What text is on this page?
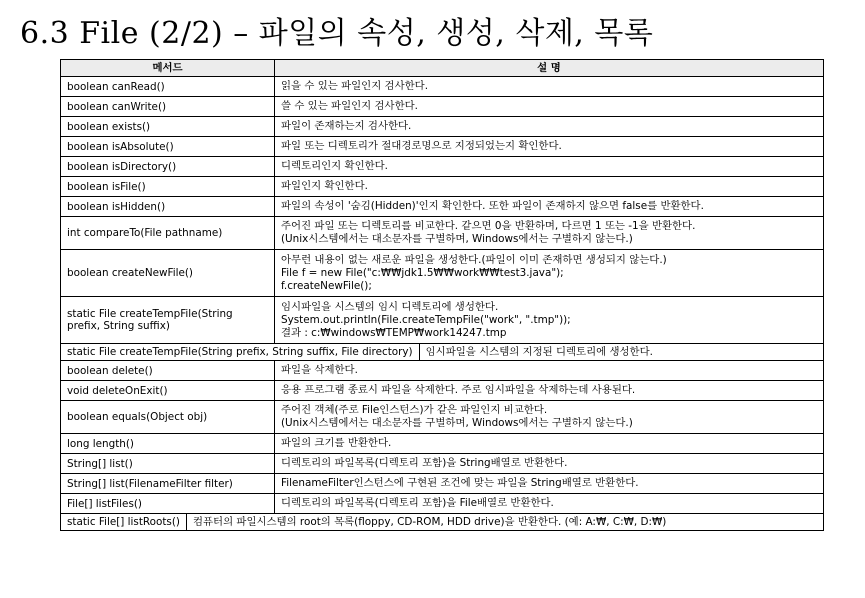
6.3 File (2/2) – 파일의 속성, 생성, 삭제, 목록
메서드	설 명
boolean canRead()	읽을 수 있는 파일인지 검사한다.

boolean canWrite()	쓸 수 있는 파일인지 검사한다.

boolean exists()	파일이 존재하는지 검사한다.

boolean isAbsolute()	파일 또는 디렉토리가 절대경로명으로 지정되었는지 확인한다.

boolean isDirectory()	디렉토리인지 확인한다.

boolean isFile()	파일인지 확인한다.

boolean isHidden()	파일의 속성이 '숨김(Hidden)'인지 확인한다. 또한 파일이 존재하지 않으면 false를 반환한다.

int compareTo(File pathname)	주어진 파일 또는 디렉토리를 비교한다. 같으면 0을 반환하며, 다르면 1 또는 -1을 반환한다.
(Unix시스템에서는 대소문자를 구별하며, Windows에서는 구별하지 않는다.)

boolean createNewFile()	아무런 내용이 없는 새로운 파일을 생성한다.(파일이 이미 존재하면 생성되지 않는다.)
File f = new File("c:₩₩jdk1.5₩₩work₩₩test3.java");
f.createNewFile();

static File createTempFile(String prefix, String suffix)	임시파일을 시스템의 임시 디렉토리에 생성한다.
System.out.println(File.createTempFile("work", ".tmp"));
결과 : c:₩windows₩TEMP₩work14247.tmp

static File createTempFile(String prefix, String suffix, File directory) 임시파일을 시스템의 지정된 디렉토리에 생성한다.	

boolean delete()	파일을 삭제한다.

void deleteOnExit()	응용 프로그램 종료시 파일을 삭제한다. 주로 임시파일을 삭제하는데 사용된다.

boolean equals(Object obj)	주어진 객체(주로 File인스턴스)가 같은 파일인지 비교한다.
(Unix시스템에서는 대소문자를 구별하며, Windows에서는 구별하지 않는다.)

long length()	파일의 크기를 반환한다.

String[] list()	디렉토리의 파일목록(디렉토리 포함)을 String배열로 반환한다.

String[] list(FilenameFilter filter)	FilenameFilter인스턴스에 구현된 조건에 맞는 파일을 String배열로 반환한다.

File[] listFiles()	디렉토리의 파일목록(디렉토리 포함)을 File배열로 반환한다.

static File[] listRoots() 컴퓨터의 파일시스템의 root의 목록(floppy, CD-ROM, HDD drive)을 반환한다. (예: A:₩, C:₩, D:₩)	
